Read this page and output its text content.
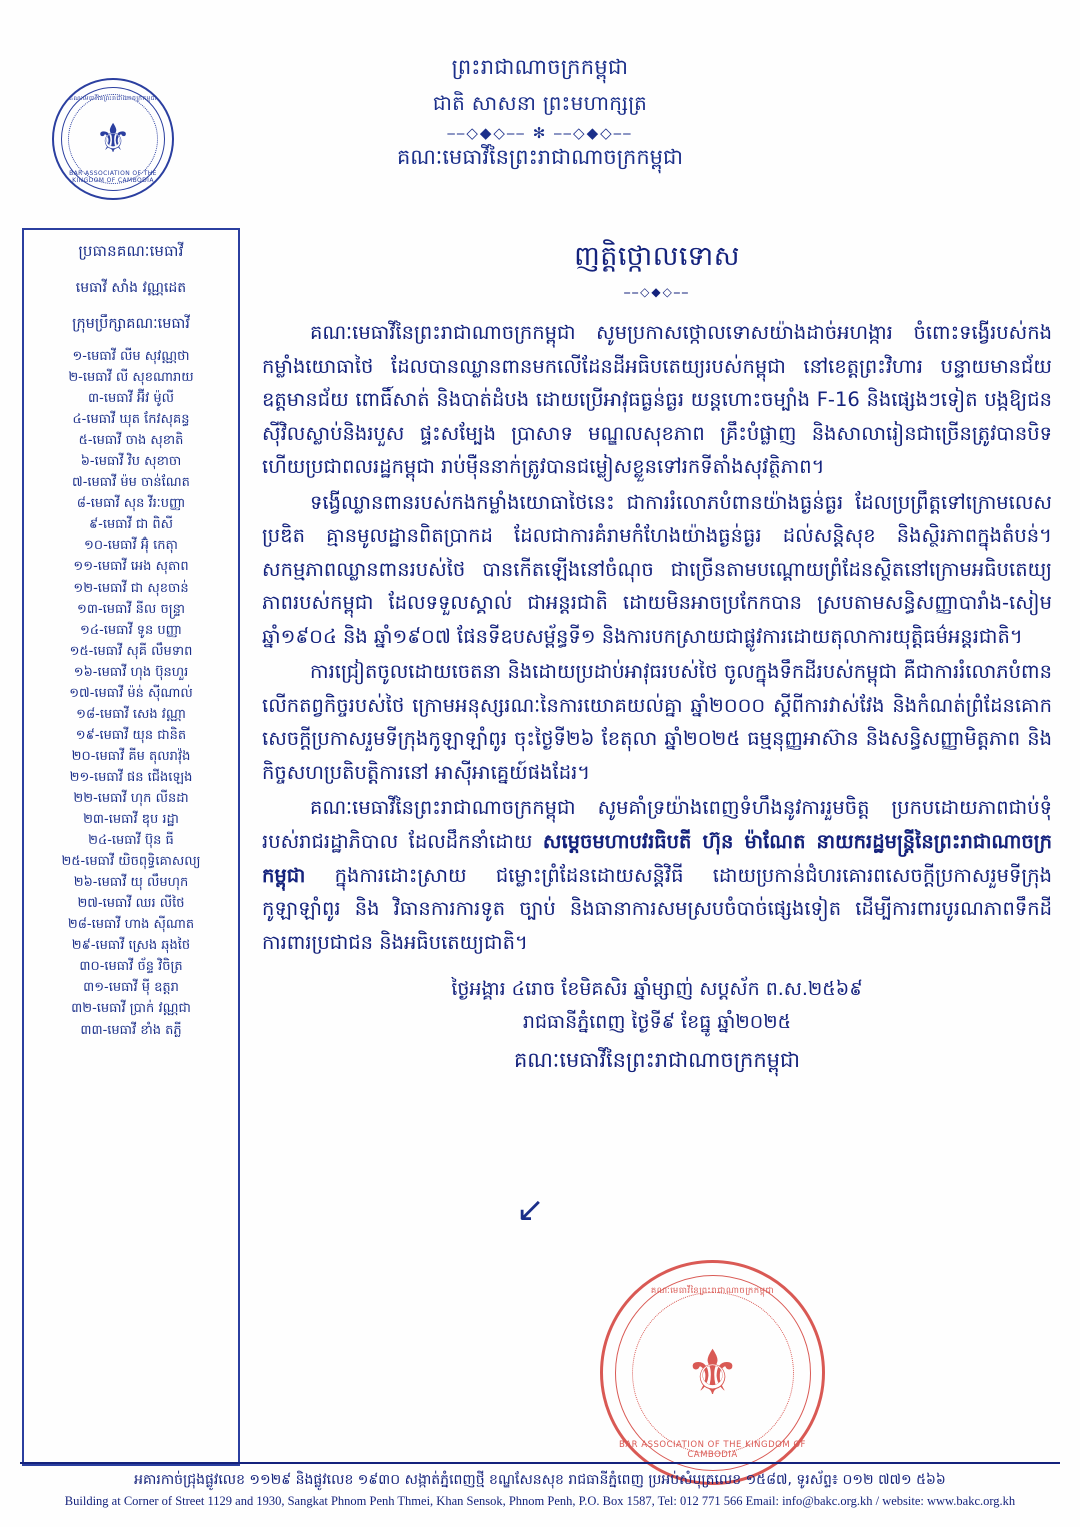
គណៈមេធាវីនៃព្រះរាជាណាចក្រកម្ពុជា
⚜
BAR ASSOCIATION OF THE KINGDOM OF CAMBODIA
ព្រះរាជាណាចក្រកម្ពុជា
ជាតិ សាសនា ព្រះមហាក្សត្រ
⎯⎯◇◆◇⎯⎯ ✻ ⎯⎯◇◆◇⎯⎯
គណៈមេធាវីនៃព្រះរាជាណាចក្រកម្ពុជា
ប្រធានគណៈមេធាវី
មេធាវី សាំង វណ្ណដេត
ក្រុមប្រឹក្សាគណៈមេធាវី
១-មេធាវី លីម សុវណ្ណថា
២-មេធាវី លី សុខណារាយ
៣-មេធាវី អ៊ីវ ម៉ូលី
៤-មេធាវី ឃុត កែវសុគន្ធ
៥-មេធាវី ចាង សុខាតិ
៦-មេធាវី វិប សុខាចា
៧-មេធាវី ម៉ម ចាន់ណែត
៨-មេធាវី សុន វីរៈបញ្ញា
៩-មេធាវី ជា ពិសី
១០-មេធាវី អ៊ុំ កេតុា
១១-មេធាវី អេង សុតាព
១២-មេធាវី ជា សុខចាន់
១៣-មេធាវី នីល ចន្ទ្រា
១៤-មេធាវី ទូន បញ្ញា
១៥-មេធាវី សុគី លឹមទាព
១៦-មេធាវី ហុង ប៊ុនហួរ
១៧-មេធាវី ម៉ន់ ស៊ីណាល់
១៨-មេធាវី សេង វណ្ណា
១៩-មេធាវី យុន ជានិត
២០-មេធាវី គីម តុលរាវ៉ុង
២១-មេធាវី ផន ជើងឡេង
២២-មេធាវី ហុក លីនដា
២៣-មេធាវី ឌុប រដ្ឋា
២៤-មេធាវី ប៊ុន ធី
២៥-មេធាវី យិចពុទ្ធិគោសល្យ
២៦-មេធាវី យុ លឹមហុក
២៧-មេធាវី ឈរ លីថៃ
២៨-មេធាវី ហាង ស៊ីណាត
២៩-មេធាវី ស្រេង ឆុងថៃ
៣០-មេធាវី ច័ន្ទ វិចិត្រ
៣១-មេធាវី ម៉ី ឧត្តរា
៣២-មេធាវី ប្រាក់ វណ្ណជា
៣៣-មេធាវី ខាំង តភ្លី
ញត្តិថ្កោលទោស
⎯⎯◇◆◇⎯⎯
គណៈមេធាវីនៃព្រះរាជាណាចក្រកម្ពុជា សូមប្រកាសថ្កោលទោសយ៉ាងដាច់អហង្ការ ចំពោះទង្វើរបស់កងកម្លាំងយោធាថៃ ដែលបានឈ្លានពានមកលើដែនដីអធិបតេយ្យរបស់កម្ពុជា នៅខេត្តព្រះវិហារ បន្ទាយមានជ័យ ឧត្តមានជ័យ ពោធិ៍សាត់ និងបាត់ដំបង ដោយប្រើអាវុធធ្ងន់ធ្ងរ យន្តហោះចម្បាំង F-16 និងផ្សេងៗទៀត បង្កឱ្យជនស៊ីវិលស្លាប់និងរបួស ផ្ទះសម្បែង ប្រាសាទ មណ្ឌលសុខភាព គ្រឹះបំផ្លាញ និងសាលារៀនជាច្រើនត្រូវបានបិទ ហើយប្រជាពលរដ្ឋកម្ពុជា រាប់ម៉ឺននាក់ត្រូវបានជម្លៀសខ្លួនទៅរកទីតាំងសុវត្ថិភាព។
ទង្វើឈ្លានពានរបស់កងកម្លាំងយោធាថៃនេះ ជាការរំលោភបំពានយ៉ាងធ្ងន់ធ្ងរ ដែលប្រព្រឹត្តទៅក្រោមលេសប្រឌិត គ្មានមូលដ្ឋានពិតប្រាកដ ដែលជាការគំរាមកំហែងយ៉ាងធ្ងន់ធ្ងរ ដល់សន្តិសុខ និងស្ថិរភាពក្នុងតំបន់។ សកម្មភាពឈ្លានពានរបស់ថៃ បានកើតឡើងនៅចំណុច ជាច្រើនតាមបណ្ដោយព្រំដែនស្ថិតនៅក្រោមអធិបតេយ្យភាពរបស់កម្ពុជា ដែលទទួលស្គាល់ ជាអន្តរជាតិ ដោយមិនអាចប្រកែកបាន ស្របតាមសន្ធិសញ្ញាបារាំង-សៀម ឆ្នាំ១៩០៤ និង ឆ្នាំ១៩០៧ ផែនទីឧបសម្ព័ន្ធទី១ និងការបកស្រាយជាផ្លូវការដោយតុលាការយុត្តិធម៌អន្តរជាតិ។
ការជ្រៀតចូលដោយចេតនា និងដោយប្រដាប់អាវុធរបស់ថៃ ចូលក្នុងទឹកដីរបស់កម្ពុជា គឺជាការរំលោភបំពានលើកតព្វកិច្ចរបស់ថៃ ក្រោមអនុស្សរណៈនៃការយោគយល់គ្នា ឆ្នាំ២០០០ ស្ដីពីការវាស់វែង និងកំណត់ព្រំដែនគោក សេចក្ដីប្រកាសរួមទីក្រុងកូឡាឡាំពូរ ចុះថ្ងៃទី២៦ ខែតុលា ឆ្នាំ២០២៥ ធម្មនុញ្ញអាស៊ាន និងសន្ធិសញ្ញាមិត្តភាព និងកិច្ចសហប្រតិបត្តិការនៅ អាស៊ីអាគ្នេយ៍ផងដែរ។
គណៈមេធាវីនៃព្រះរាជាណាចក្រកម្ពុជា សូមគាំទ្រយ៉ាងពេញទំហឹងនូវការរួមចិត្ត ប្រកបដោយភាពជាប់ទុំរបស់រាជរដ្ឋាភិបាល ដែលដឹកនាំដោយ សម្ដេចមហាបវរធិបតី ហ៊ុន ម៉ាណែត នាយករដ្ឋមន្ត្រីនៃព្រះរាជាណាចក្រកម្ពុជា ក្នុងការដោះស្រាយ ជម្លោះព្រំដែនដោយសន្តិវិធី ដោយប្រកាន់ជំហរគោរពសេចក្ដីប្រកាសរួមទីក្រុងកូឡាឡាំពូរ និង វិធានការការទូត ច្បាប់ និងធានាការសមស្របចំបាច់ផ្សេងទៀត ដើម្បីការពារបូរណភាពទឹកដី ការពារប្រជាជន និងអធិបតេយ្យជាតិ។
ថ្ងៃអង្គារ ៤រោច ខែមិគសិរ ឆ្នាំម្សាញ់ សប្តស័ក ព.ស.២៥៦៩
រាជធានីភ្នំពេញ ថ្ងៃទី៩ ខែធ្នូ ឆ្នាំ២០២៥
គណៈមេធាវីនៃព្រះរាជាណាចក្រកម្ពុជា
↙
គណៈមេធាវីនៃព្រះរាជាណាចក្រកម្ពុជា
⚜
BAR ASSOCIATION OF THE KINGDOM OF CAMBODIA
អគារកាច់ជ្រុងផ្លូវលេខ ១១២៩ និងផ្លូវលេខ ១៩៣០ សង្កាត់ភ្នំពេញថ្មី ខណ្ឌសែនសុខ រាជធានីភ្នំពេញ ប្រអប់សំបុត្រលេខ ១៥៨៧, ទូរស័ព្ទ៖ ០១២ ៧៧១ ៥៦៦
Building at Corner of Street 1129 and 1930, Sangkat Phnom Penh Thmei, Khan Sensok, Phnom Penh, P.O. Box 1587, Tel: 012 771 566 Email: info@bakc.org.kh / website: www.bakc.org.kh
